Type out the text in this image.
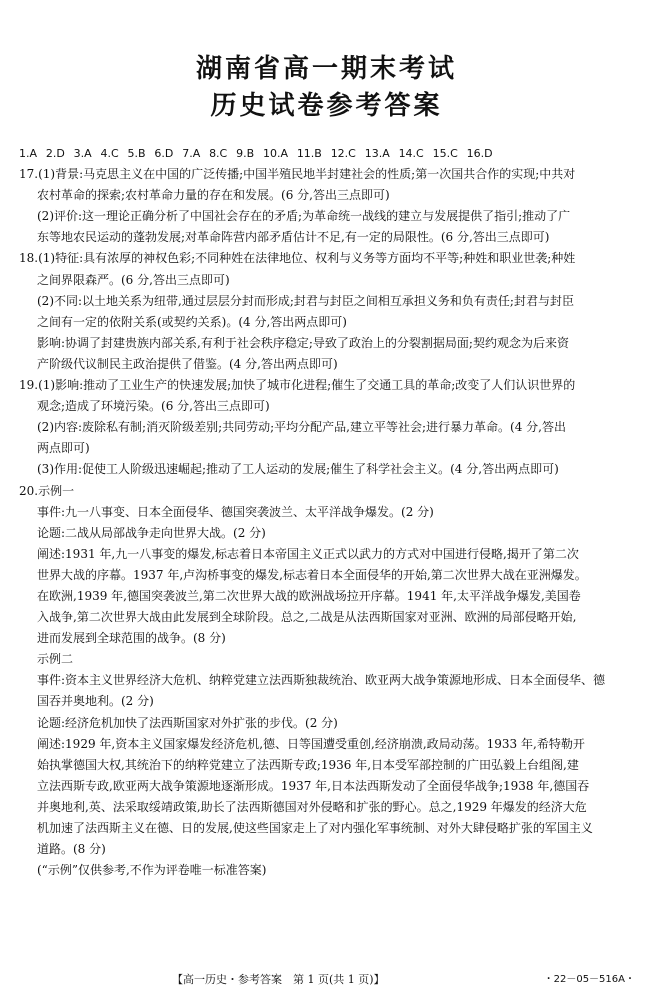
湖南省高一期末考试
历史试卷参考答案
1.A 2.D 3.A 4.C 5.B 6.D 7.A 8.C 9.B 10.A 11.B 12.C 13.A 14.C 15.C 16.D
17.(1)背景:马克思主义在中国的广泛传播;中国半殖民地半封建社会的性质;第一次国共合作的实现;中共对
农村革命的探索;农村革命力量的存在和发展。(6 分,答出三点即可)
(2)评价:这一理论正确分析了中国社会存在的矛盾;为革命统一战线的建立与发展提供了指引;推动了广
东等地农民运动的蓬勃发展;对革命阵营内部矛盾估计不足,有一定的局限性。(6 分,答出三点即可)
18.(1)特征:具有浓厚的神权色彩;不同种姓在法律地位、权利与义务等方面均不平等;种姓和职业世袭;种姓
之间界限森严。(6 分,答出三点即可)
(2)不同:以土地关系为纽带,通过层层分封而形成;封君与封臣之间相互承担义务和负有责任;封君与封臣
之间有一定的依附关系(或契约关系)。(4 分,答出两点即可)
影响:协调了封建贵族内部关系,有利于社会秩序稳定;导致了政治上的分裂割据局面;契约观念为后来资
产阶级代议制民主政治提供了借鉴。(4 分,答出两点即可)
19.(1)影响:推动了工业生产的快速发展;加快了城市化进程;催生了交通工具的革命;改变了人们认识世界的
观念;造成了环境污染。(6 分,答出三点即可)
(2)内容:废除私有制;消灭阶级差别;共同劳动;平均分配产品,建立平等社会;进行暴力革命。(4 分,答出
两点即可)
(3)作用:促使工人阶级迅速崛起;推动了工人运动的发展;催生了科学社会主义。(4 分,答出两点即可)
20.示例一
事件:九一八事变、日本全面侵华、德国突袭波兰、太平洋战争爆发。(2 分)
论题:二战从局部战争走向世界大战。(2 分)
阐述:1931 年,九一八事变的爆发,标志着日本帝国主义正式以武力的方式对中国进行侵略,揭开了第二次
世界大战的序幕。1937 年,卢沟桥事变的爆发,标志着日本全面侵华的开始,第二次世界大战在亚洲爆发。
在欧洲,1939 年,德国突袭波兰,第二次世界大战的欧洲战场拉开序幕。1941 年,太平洋战争爆发,美国卷
入战争,第二次世界大战由此发展到全球阶段。总之,二战是从法西斯国家对亚洲、欧洲的局部侵略开始,
进而发展到全球范围的战争。(8 分)
示例二
事件:资本主义世界经济大危机、纳粹党建立法西斯独裁统治、欧亚两大战争策源地形成、日本全面侵华、德
国吞并奥地利。(2 分)
论题:经济危机加快了法西斯国家对外扩张的步伐。(2 分)
阐述:1929 年,资本主义国家爆发经济危机,德、日等国遭受重创,经济崩溃,政局动荡。1933 年,希特勒开
始执掌德国大权,其统治下的纳粹党建立了法西斯专政;1936 年,日本受军部控制的广田弘毅上台组阁,建
立法西斯专政,欧亚两大战争策源地逐渐形成。1937 年,日本法西斯发动了全面侵华战争;1938 年,德国吞
并奥地利,英、法采取绥靖政策,助长了法西斯德国对外侵略和扩张的野心。总之,1929 年爆发的经济大危
机加速了法西斯主义在德、日的发展,使这些国家走上了对内强化军事统制、对外大肆侵略扩张的军国主义
道路。(8 分)
(“示例”仅供参考,不作为评卷唯一标准答案)
【高一历史・参考答案　第 1 页(共 1 页)】	・22－05－516A・
